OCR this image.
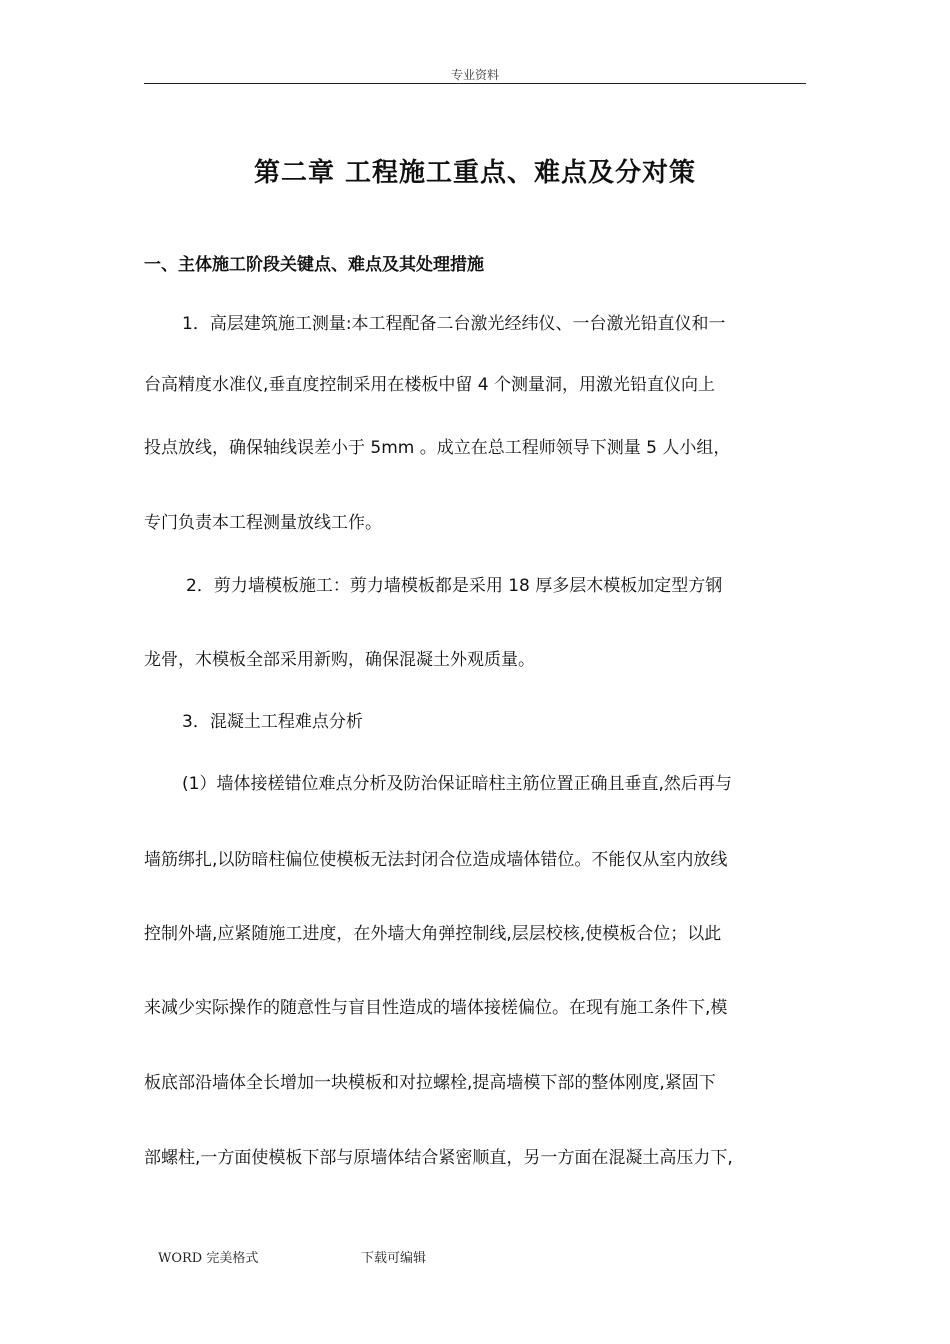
专业资料
第二章 工程施工重点、难点及分对策
一、主体施工阶段关键点、难点及其处理措施
1．高层建筑施工测量:本工程配备二台激光经纬仪、一台激光铅直仪和一
台高精度水准仪,垂直度控制采用在楼板中留 4 个测量洞，用激光铅直仪向上
投点放线，确保轴线误差小于 5mm 。成立在总工程师领导下测量 5 人小组，
专门负责本工程测量放线工作。
2．剪力墙模板施工：剪力墙模板都是采用 18 厚多层木模板加定型方钢
龙骨，木模板全部采用新购，确保混凝土外观质量。
3．混凝土工程难点分析
(1）墙体接槎错位难点分析及防治保证暗柱主筋位置正确且垂直,然后再与
墙筋绑扎,以防暗柱偏位使模板无法封闭合位造成墙体错位。不能仅从室内放线
控制外墙,应紧随施工进度，在外墙大角弹控制线,层层校核,使模板合位；以此
来减少实际操作的随意性与盲目性造成的墙体接槎偏位。在现有施工条件下,模
板底部沿墙体全长增加一块模板和对拉螺栓,提高墙模下部的整体刚度,紧固下
部螺柱,一方面使模板下部与原墙体结合紧密顺直，另一方面在混凝土高压力下,
WORD 完美格式	下载可编辑
